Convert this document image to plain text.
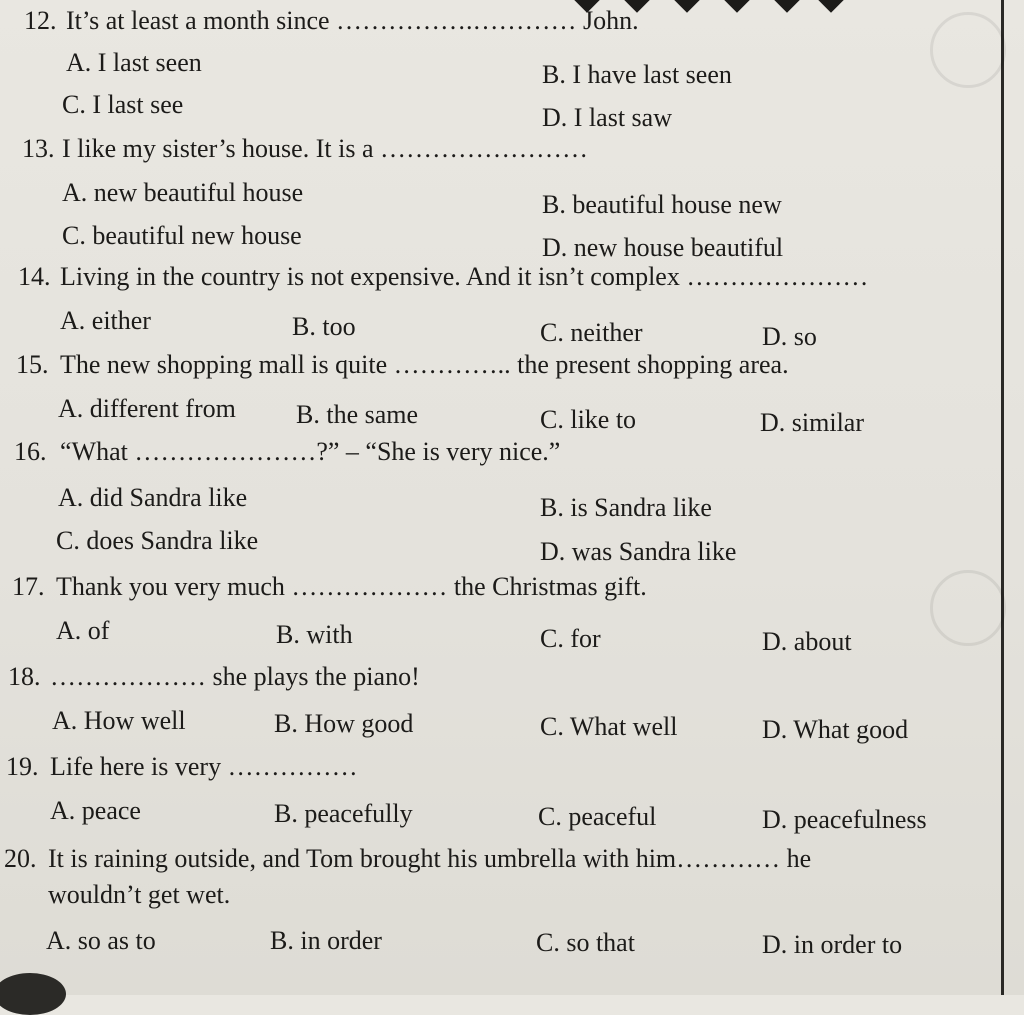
12. It’s at least a month since …………….………… John.
A. I last seen	B. I have last seen
C. I last see	D. I last saw
13. I like my sister’s house. It is a ……………………
A. new beautiful house	B. beautiful house new
C. beautiful new house	D. new house beautiful
14. Living in the country is not expensive. And it isn’t complex …………………
A. either	B. too	C. neither	D. so
15. The new shopping mall is quite ………….. the present shopping area.
A. different from B. the same	C. like to	D. similar
16. “What …………………?” – “She is very nice.”
A. did Sandra like	B. is Sandra like
C. does Sandra like	D. was Sandra like
17. Thank you very much ……………… the Christmas gift.
A. of	B. with	C. for	D. about
18. ……………… she plays the piano!
A. How well	B. How good	C. What well	D. What good
19. Life here is very ……………
A. peace	B. peacefully	C. peaceful	D. peacefulness
20. It is raining outside, and Tom brought his umbrella with him………… he
wouldn’t get wet.
A. so as to	B. in order	C. so that	D. in order to
